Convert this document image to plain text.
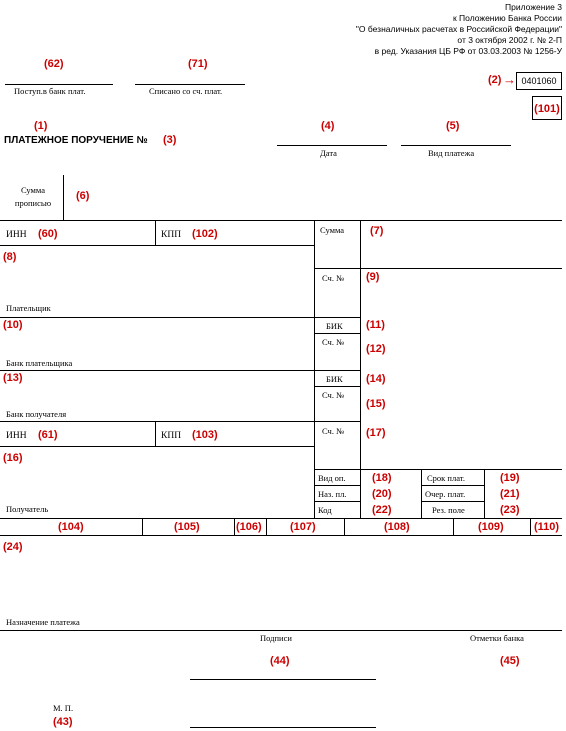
Приложение 3
к Положению Банка России
"О безналичных расчетах в Российской Федерации"
от 3 октября 2002 г. № 2-П
в ред. Указания ЦБ РФ от 03.03.2003 № 1256-У
(62)	(71)
Поступ.в банк плат.	Списано со сч. плат.
(2) → 0401060
(101)
(1)
ПЛАТЕЖНОЕ ПОРУЧЕНИЕ № (3)
(4)	(5)
Дата	Вид платежа
Сумма
прописью
(6)
ИНН (60)	КПП (102)
(8)
Плательщик
Сумма (7)
Сч. № (9)
(10)
Банк плательщика
БИК (11)
Сч. №
(12)
(13)
Банк получателя
БИК (14)
Сч. №
(15)
ИНН (61)	КПП (103)	Сч. № (17)
(16)
Получатель
Вид оп. (18)	Срок плат.	(19)
Наз. пл. (20)	Очер. плат.	(21)
Код	(22)	Рез. поле	(23)
(104)	(105)	(106)	(107)	(108)	(109)	(110)
(24)
Назначение платежа
Подписи	Отметки банка
(44)	(45)
М. П.
(43)
